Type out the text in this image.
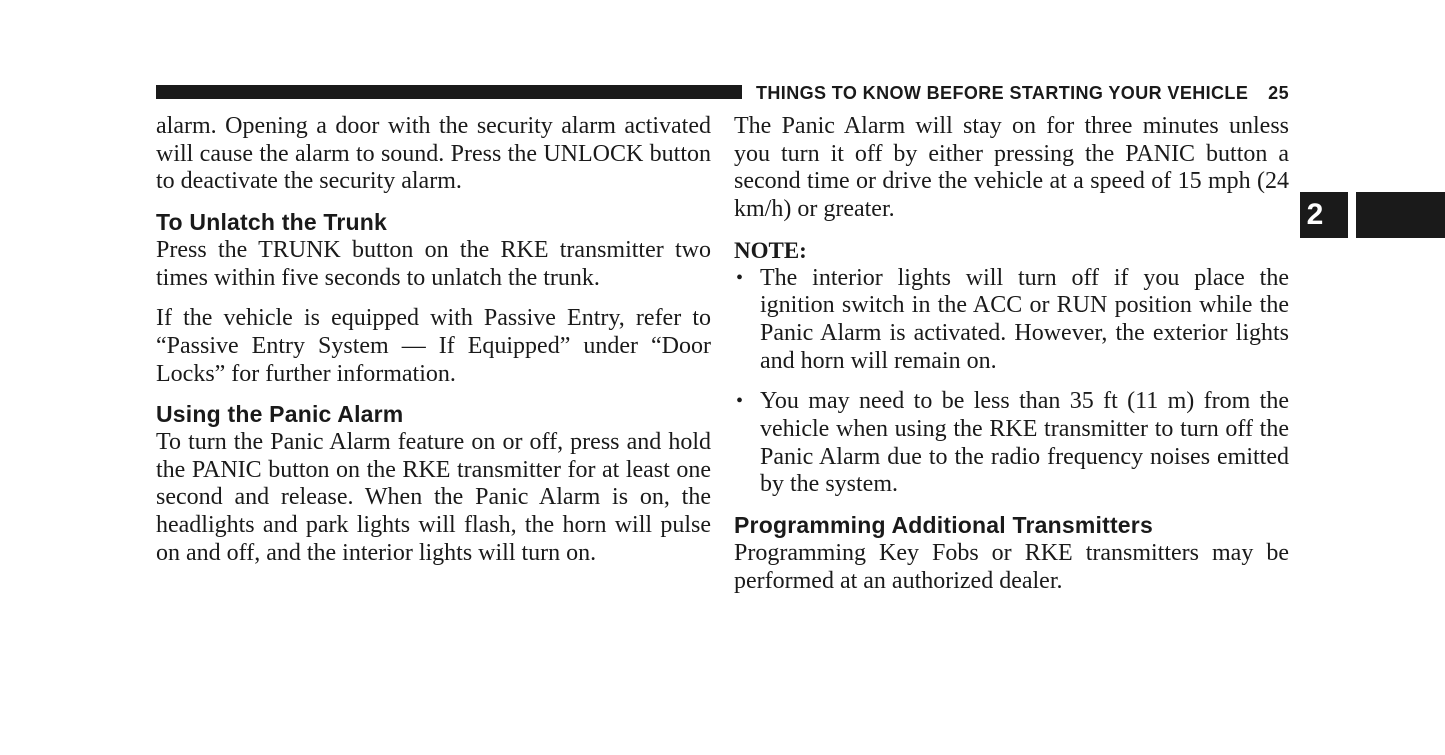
THINGS TO KNOW BEFORE STARTING YOUR VEHICLE 25

alarm. Opening a door with the security alarm activated will cause the alarm to sound. Press the UNLOCK button to deactivate the security alarm.

To Unlatch the Trunk

Press the TRUNK button on the RKE transmitter two times within five seconds to unlatch the trunk.

If the vehicle is equipped with Passive Entry, refer to “Passive Entry System — If Equipped” under “Door Locks” for further information.

Using the Panic Alarm

To turn the Panic Alarm feature on or off, press and hold the PANIC button on the RKE transmitter for at least one second and release. When the Panic Alarm is on, the headlights and park lights will flash, the horn will pulse on and off, and the interior lights will turn on.

The Panic Alarm will stay on for three minutes unless you turn it off by either pressing the PANIC button a second time or drive the vehicle at a speed of 15 mph (24 km/h) or greater.

NOTE:
• The interior lights will turn off if you place the ignition switch in the ACC or RUN position while the Panic Alarm is activated. However, the exterior lights and horn will remain on.
• You may need to be less than 35 ft (11 m) from the vehicle when using the RKE transmitter to turn off the Panic Alarm due to the radio frequency noises emitted by the system.
Programming Additional Transmitters

Programming Key Fobs or RKE transmitters may be performed at an authorized dealer.

2
